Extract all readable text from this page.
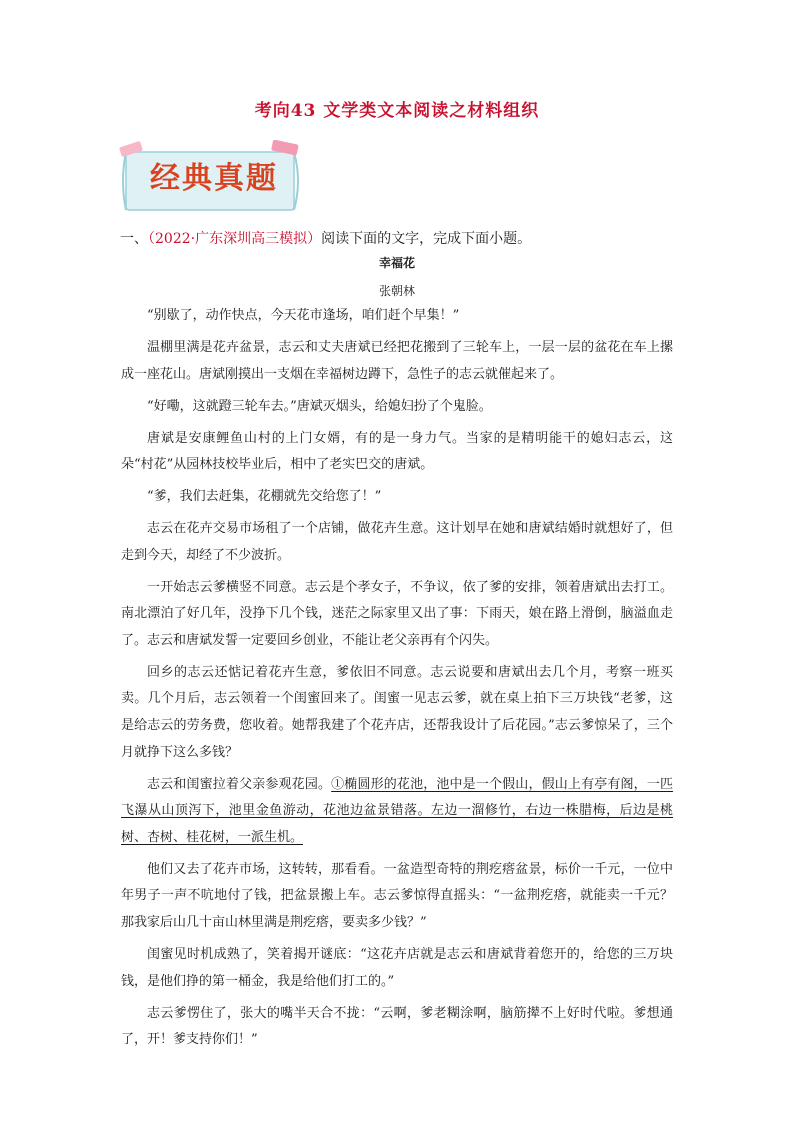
考向43 文学类文本阅读之材料组织
经典真题
一、（2022·广东深圳高三模拟）阅读下面的文字，完成下面小题。
幸福花
张朝林

“别歇了，动作快点，今天花市逢场，咱们赶个早集！”

温棚里满是花卉盆景，志云和丈夫唐斌已经把花搬到了三轮车上，一层一层的盆花在车上摞成一座花山。唐斌刚摸出一支烟在幸福树边蹲下，急性子的志云就催起来了。

“好嘞，这就蹬三轮车去。”唐斌灭烟头，给媳妇扮了个鬼脸。

唐斌是安康鲤鱼山村的上门女婿，有的是一身力气。当家的是精明能干的媳妇志云，这朵“村花”从园林技校毕业后，相中了老实巴交的唐斌。

“爹，我们去赶集，花棚就先交给您了！”

志云在花卉交易市场租了一个店铺，做花卉生意。这计划早在她和唐斌结婚时就想好了，但走到今天，却经了不少波折。

一开始志云爹横竖不同意。志云是个孝女子，不争议，依了爹的安排，领着唐斌出去打工。南北漂泊了好几年，没挣下几个钱，迷茫之际家里又出了事：下雨天，娘在路上滑倒，脑溢血走了。志云和唐斌发誓一定要回乡创业，不能让老父亲再有个闪失。

回乡的志云还惦记着花卉生意，爹依旧不同意。志云说要和唐斌出去几个月，考察一班买卖。几个月后，志云领着一个闺蜜回来了。闺蜜一见志云爹，就在桌上拍下三万块钱“老爹，这是给志云的劳务费，您收着。她帮我建了个花卉店，还帮我设计了后花园。”志云爹惊呆了，三个月就挣下这么多钱？

志云和闺蜜拉着父亲参观花园。①椭圆形的花池，池中是一个假山，假山上有亭有阁，一匹飞瀑从山顶泻下，池里金鱼游动，花池边盆景错落。左边一溜修竹，右边一株腊梅，后边是桃树、杏树、桂花树，一派生机。

他们又去了花卉市场，这转转，那看看。一盆造型奇特的荆疙瘩盆景，标价一千元，一位中年男子一声不吭地付了钱，把盆景搬上车。志云爹惊得直摇头：“一盆荆疙瘩，就能卖一千元？那我家后山几十亩山林里满是荆疙瘩，要卖多少钱？”

闺蜜见时机成熟了，笑着揭开谜底：“这花卉店就是志云和唐斌背着您开的，给您的三万块钱，是他们挣的第一桶金，我是给他们打工的。”

志云爹愣住了，张大的嘴半天合不拢：“云啊，爹老糊涂啊，脑筋撵不上好时代啦。爹想通了，开！爹支持你们！”
